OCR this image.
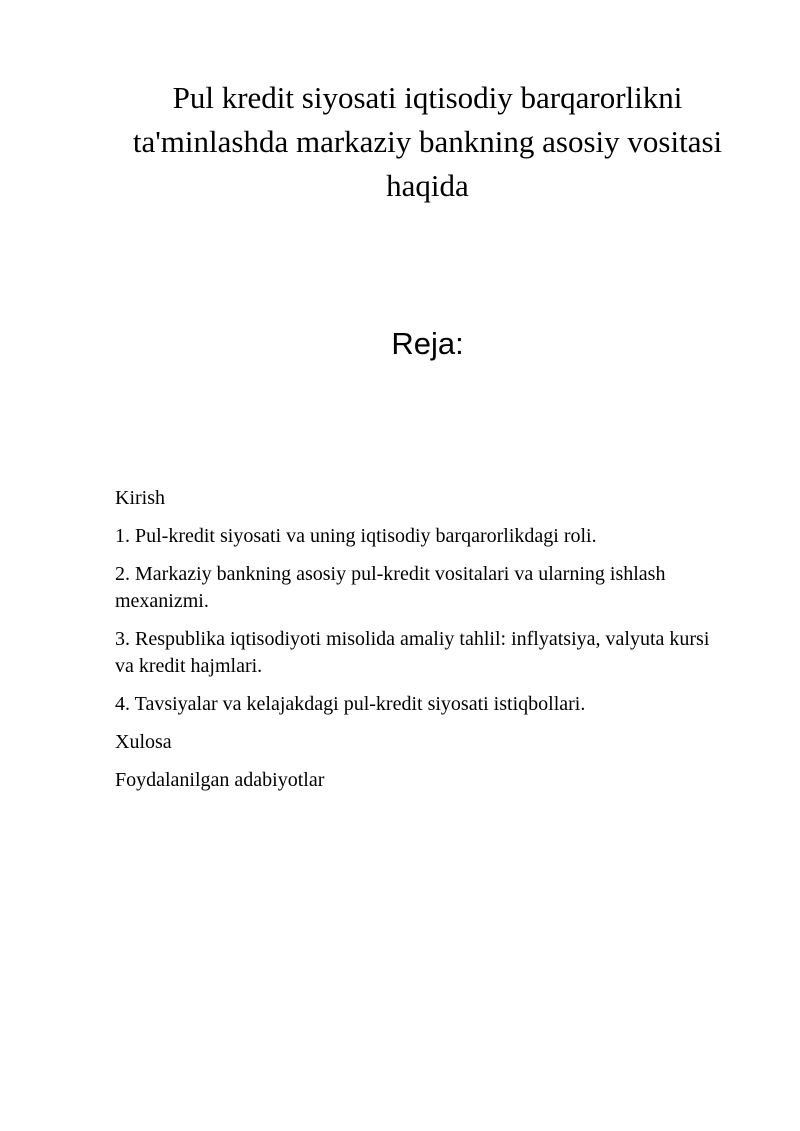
Pul kredit siyosati iqtisodiy barqarorlikni ta'minlashda markaziy bankning asosiy vositasi haqida
Reja:
Kirish
1. Pul-kredit siyosati va uning iqtisodiy barqarorlikdagi roli.
2. Markaziy bankning asosiy pul-kredit vositalari va ularning ishlash mexanizmi.
3. Respublika iqtisodiyoti misolida amaliy tahlil: inflyatsiya, valyuta kursi va kredit hajmlari.
4. Tavsiyalar va kelajakdagi pul-kredit siyosati istiqbollari.
Xulosa
Foydalanilgan adabiyotlar
